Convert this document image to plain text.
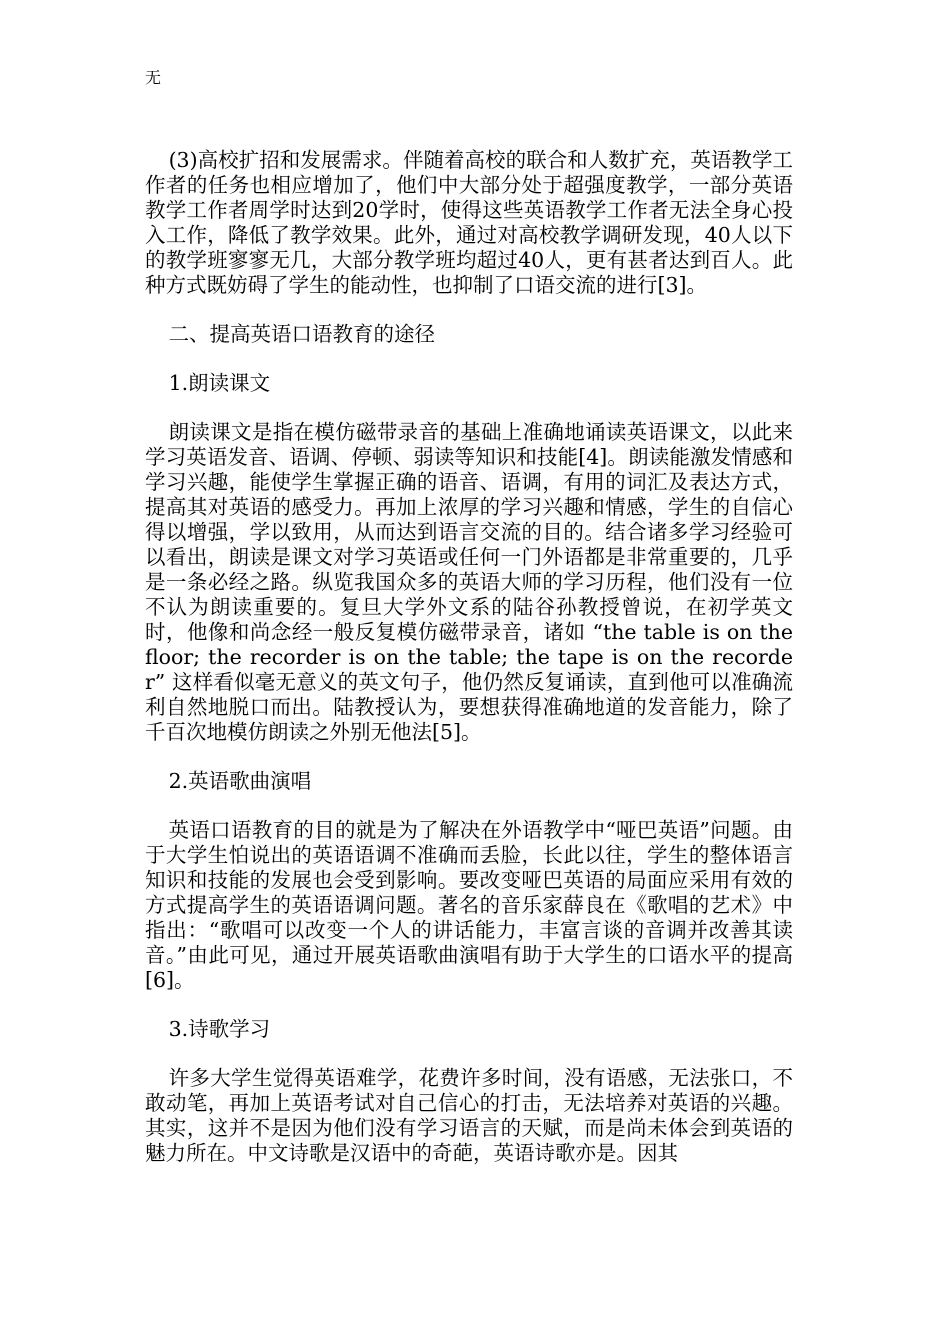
无

(3)高校扩招和发展需求。伴随着高校的联合和人数扩充，英语教学工作者的任务也相应增加了，他们中大部分处于超强度教学，一部分英语教学工作者周学时达到20学时，使得这些英语教学工作者无法全身心投入工作，降低了教学效果。此外，通过对高校教学调研发现，40人以下的教学班寥寥无几，大部分教学班均超过40人，更有甚者达到百人。此种方式既妨碍了学生的能动性，也抑制了口语交流的进行[3]。

二、提高英语口语教育的途径
1.朗读课文

朗读课文是指在模仿磁带录音的基础上准确地诵读英语课文，以此来学习英语发音、语调、停顿、弱读等知识和技能[4]。朗读能激发情感和学习兴趣，能使学生掌握正确的语音、语调，有用的词汇及表达方式，提高其对英语的感受力。再加上浓厚的学习兴趣和情感，学生的自信心得以增强，学以致用，从而达到语言交流的目的。结合诸多学习经验可以看出，朗读是课文对学习英语或任何一门外语都是非常重要的，几乎是一条必经之路。纵览我国众多的英语大师的学习历程，他们没有一位不认为朗读重要的。复旦大学外文系的陆谷孙教授曾说，在初学英文时，他像和尚念经一般反复模仿磁带录音，诸如 “the table is on the floor; the recorder is on the table; the tape is on the recorder” 这样看似毫无意义的英文句子，他仍然反复诵读，直到他可以准确流利自然地脱口而出。陆教授认为，要想获得准确地道的发音能力，除了千百次地模仿朗读之外别无他法[5]。

2.英语歌曲演唱

英语口语教育的目的就是为了解决在外语教学中“哑巴英语”问题。由于大学生怕说出的英语语调不准确而丢脸，长此以往，学生的整体语言知识和技能的发展也会受到影响。要改变哑巴英语的局面应采用有效的方式提高学生的英语语调问题。著名的音乐家薛良在《歌唱的艺术》中指出：“歌唱可以改变一个人的讲话能力，丰富言谈的音调并改善其读音。”由此可见，通过开展英语歌曲演唱有助于大学生的口语水平的提高[6]。

3.诗歌学习

许多大学生觉得英语难学，花费许多时间，没有语感，无法张口，不敢动笔，再加上英语考试对自己信心的打击，无法培养对英语的兴趣。其实，这并不是因为他们没有学习语言的天赋，而是尚未体会到英语的魅力所在。中文诗歌是汉语中的奇葩，英语诗歌亦是。因其
